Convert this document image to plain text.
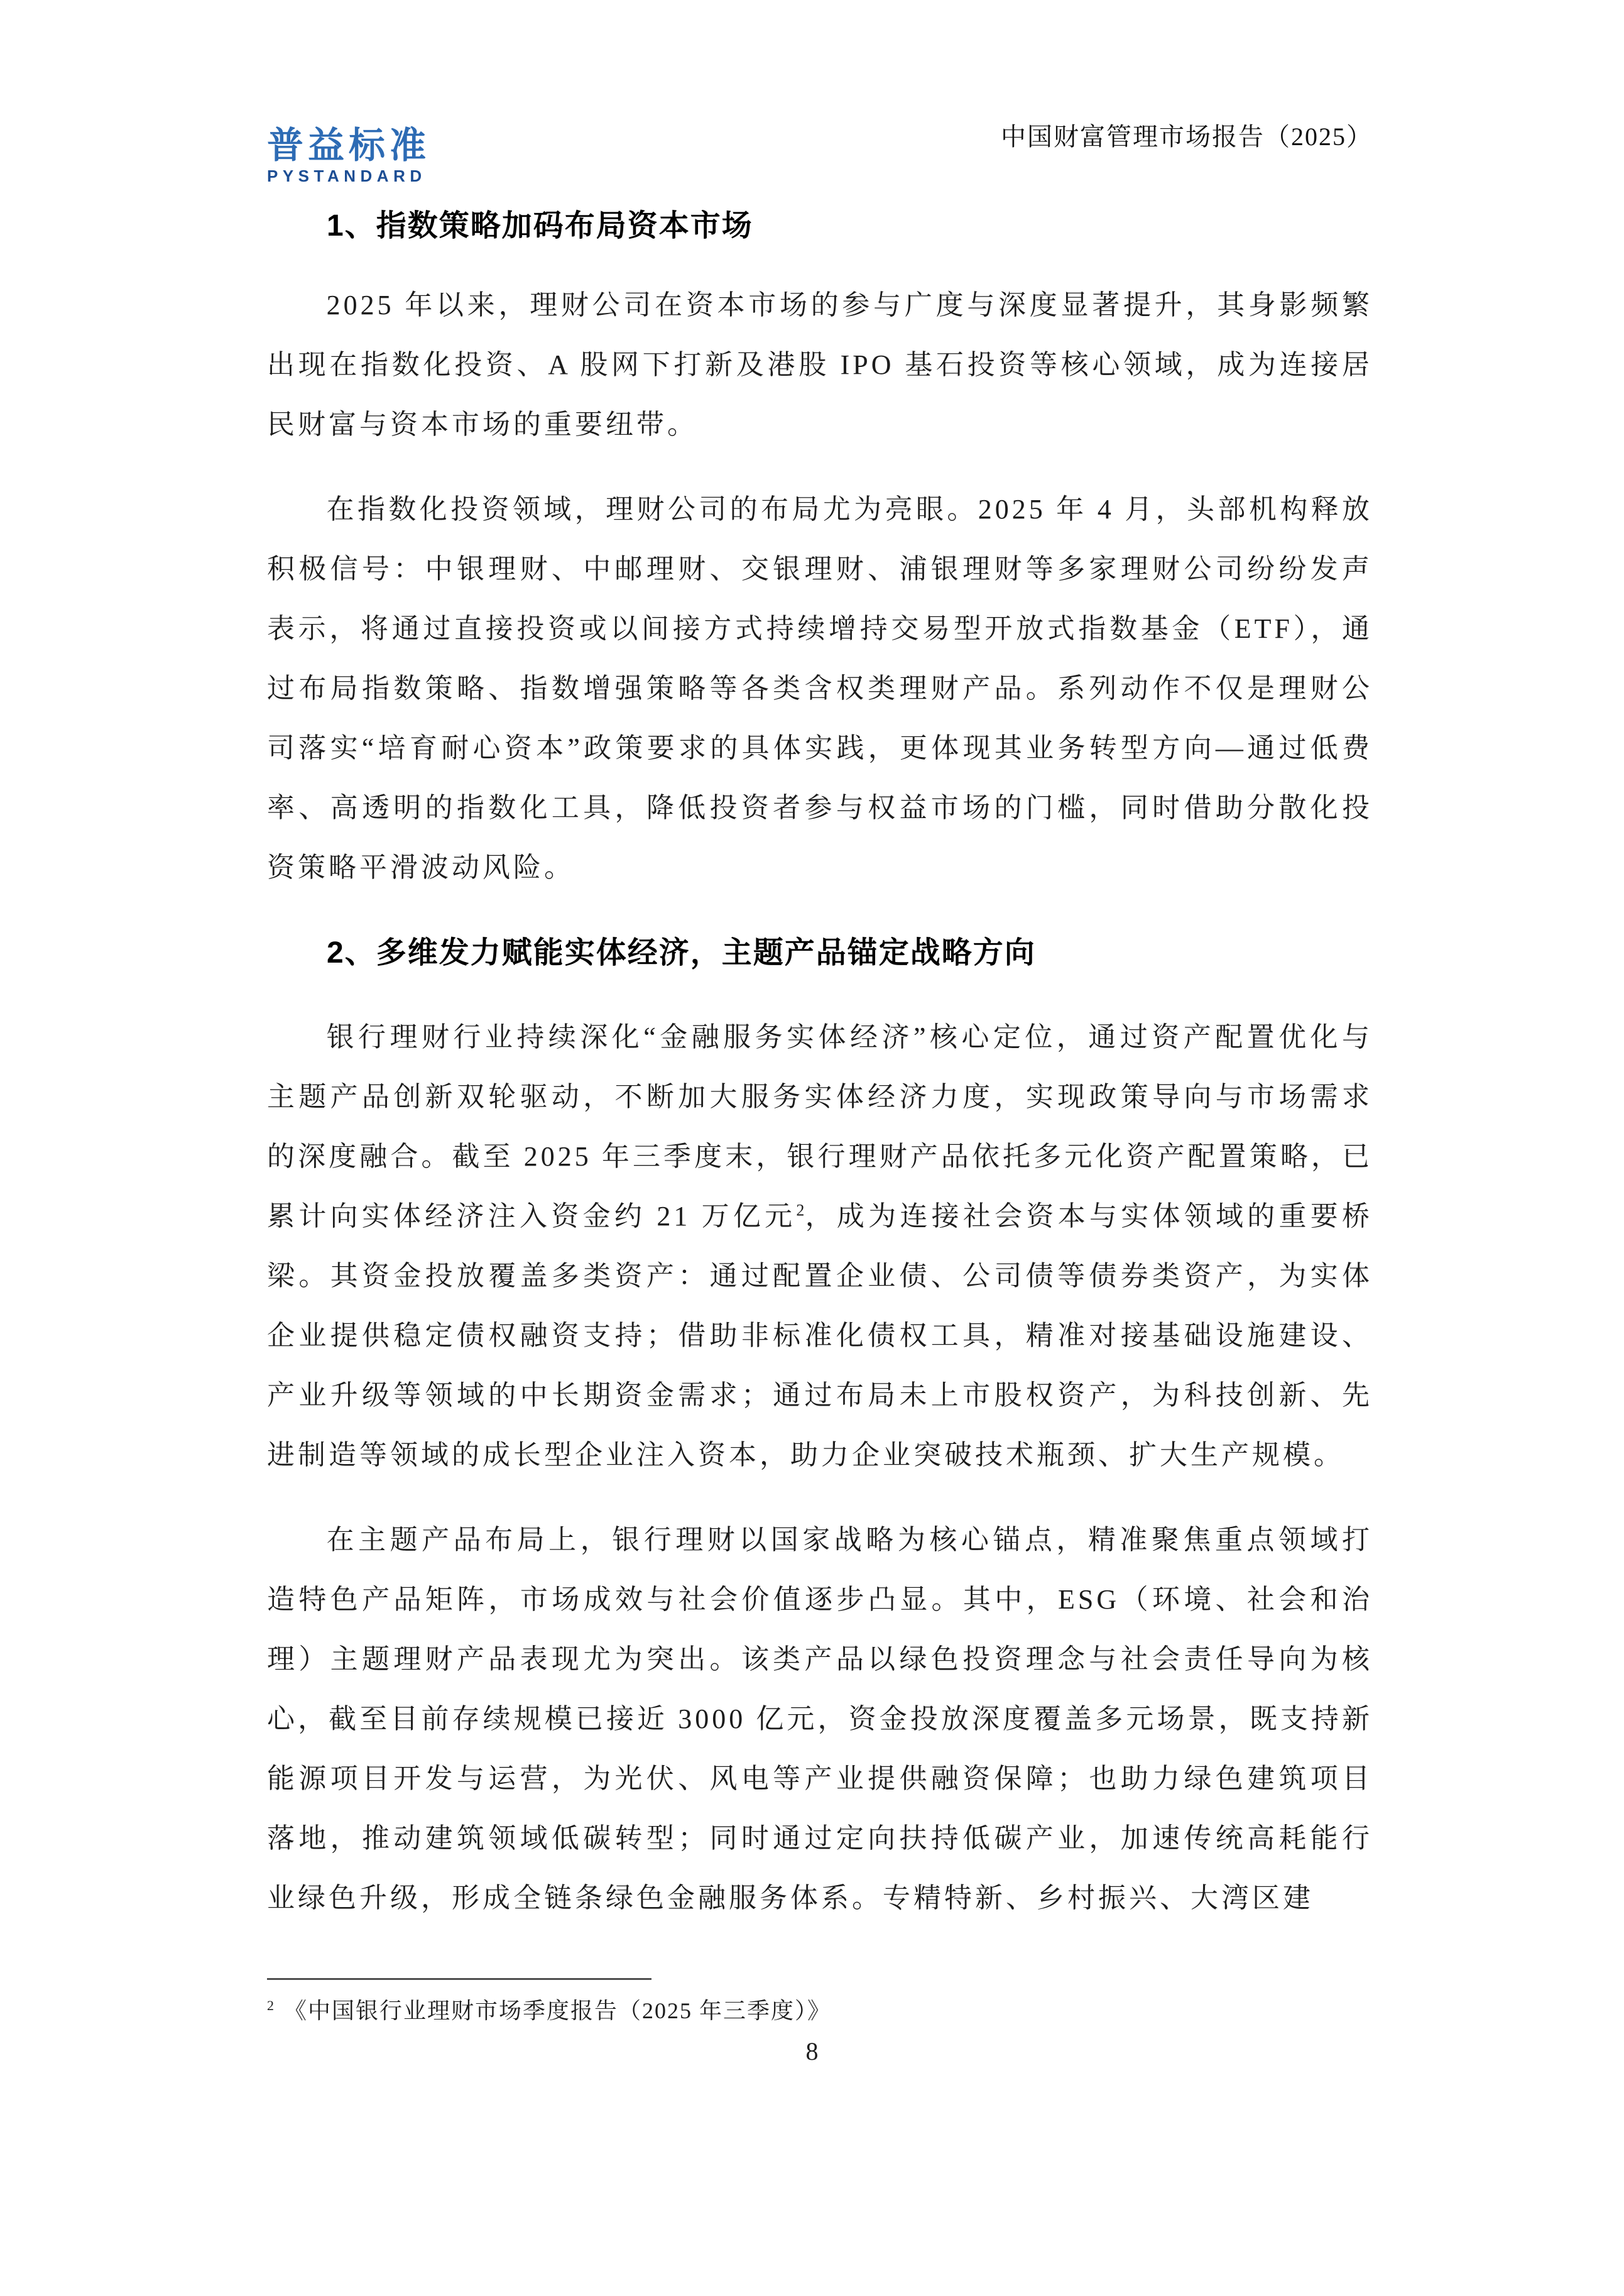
普益标准
PYSTANDARD
中国财富管理市场报告（2025）
1、指数策略加码布局资本市场

2025 年以来，理财公司在资本市场的参与广度与深度显著提升，其身影频繁出现在指数化投资、A 股网下打新及港股 IPO 基石投资等核心领域，成为连接居民财富与资本市场的重要纽带。

在指数化投资领域，理财公司的布局尤为亮眼。2025 年 4 月，头部机构释放积极信号：中银理财、中邮理财、交银理财、浦银理财等多家理财公司纷纷发声表示，将通过直接投资或以间接方式持续增持交易型开放式指数基金（ETF），通过布局指数策略、指数增强策略等各类含权类理财产品。系列动作不仅是理财公司落实“培育耐心资本”政策要求的具体实践，更体现其业务转型方向—通过低费率、高透明的指数化工具，降低投资者参与权益市场的门槛，同时借助分散化投资策略平滑波动风险。

2、多维发力赋能实体经济，主题产品锚定战略方向

银行理财行业持续深化“金融服务实体经济”核心定位，通过资产配置优化与主题产品创新双轮驱动，不断加大服务实体经济力度，实现政策导向与市场需求的深度融合。截至 2025 年三季度末，银行理财产品依托多元化资产配置策略，已累计向实体经济注入资金约 21 万亿元$^2$，成为连接社会资本与实体领域的重要桥梁。其资金投放覆盖多类资产：通过配置企业债、公司债等债券类资产，为实体企业提供稳定债权融资支持；借助非标准化债权工具，精准对接基础设施建设、产业升级等领域的中长期资金需求；通过布局未上市股权资产，为科技创新、先进制造等领域的成长型企业注入资本，助力企业突破技术瓶颈、扩大生产规模。

在主题产品布局上，银行理财以国家战略为核心锚点，精准聚焦重点领域打造特色产品矩阵，市场成效与社会价值逐步凸显。其中，ESG（环境、社会和治理）主题理财产品表现尤为突出。该类产品以绿色投资理念与社会责任导向为核心，截至目前存续规模已接近 3000 亿元，资金投放深度覆盖多元场景，既支持新能源项目开发与运营，为光伏、风电等产业提供融资保障；也助力绿色建筑项目落地，推动建筑领域低碳转型；同时通过定向扶持低碳产业，加速传统高耗能行业绿色升级，形成全链条绿色金融服务体系。专精特新、乡村振兴、大湾区建

$^2$ 《中国银行业理财市场季度报告（2025 年三季度）》
8
